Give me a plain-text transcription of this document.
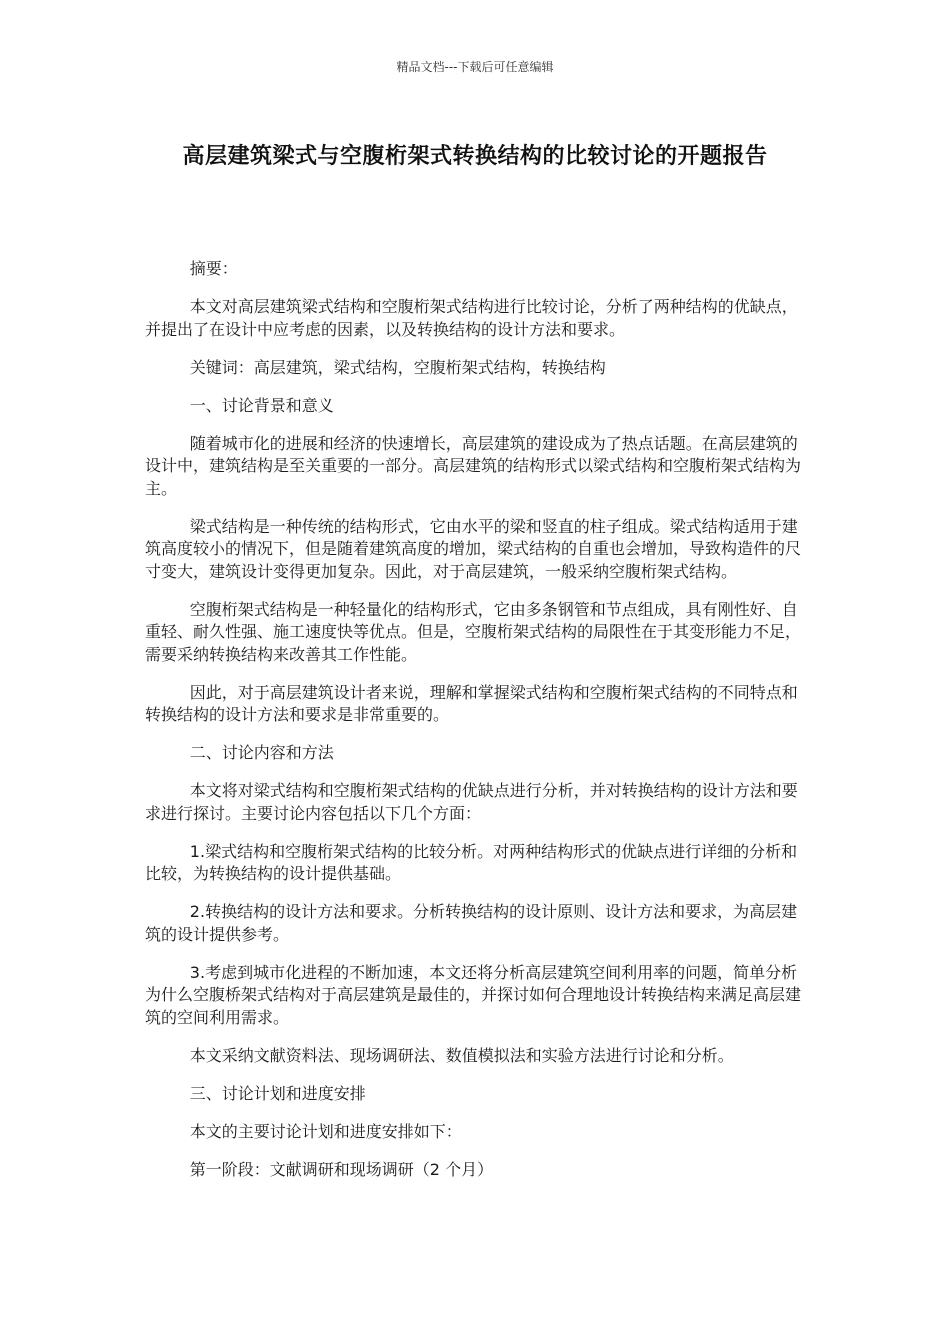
精品文档---下载后可任意编辑
高层建筑梁式与空腹桁架式转换结构的比较讨论的开题报告

摘要：

本文对高层建筑梁式结构和空腹桁架式结构进行比较讨论，分析了两种结构的优缺点，并提出了在设计中应考虑的因素，以及转换结构的设计方法和要求。

关键词：高层建筑，梁式结构，空腹桁架式结构，转换结构

一、讨论背景和意义

随着城市化的进展和经济的快速增长，高层建筑的建设成为了热点话题。在高层建筑的设计中，建筑结构是至关重要的一部分。高层建筑的结构形式以梁式结构和空腹桁架式结构为主。

梁式结构是一种传统的结构形式，它由水平的梁和竖直的柱子组成。梁式结构适用于建筑高度较小的情况下，但是随着建筑高度的增加，梁式结构的自重也会增加，导致构造件的尺寸变大，建筑设计变得更加复杂。因此，对于高层建筑，一般采纳空腹桁架式结构。

空腹桁架式结构是一种轻量化的结构形式，它由多条钢管和节点组成，具有刚性好、自重轻、耐久性强、施工速度快等优点。但是，空腹桁架式结构的局限性在于其变形能力不足，需要采纳转换结构来改善其工作性能。

因此，对于高层建筑设计者来说，理解和掌握梁式结构和空腹桁架式结构的不同特点和转换结构的设计方法和要求是非常重要的。

二、讨论内容和方法

本文将对梁式结构和空腹桁架式结构的优缺点进行分析，并对转换结构的设计方法和要求进行探讨。主要讨论内容包括以下几个方面：

1.梁式结构和空腹桁架式结构的比较分析。对两种结构形式的优缺点进行详细的分析和比较，为转换结构的设计提供基础。

2.转换结构的设计方法和要求。分析转换结构的设计原则、设计方法和要求，为高层建筑的设计提供参考。

3.考虑到城市化进程的不断加速，本文还将分析高层建筑空间利用率的问题，简单分析为什么空腹桥架式结构对于高层建筑是最佳的，并探讨如何合理地设计转换结构来满足高层建筑的空间利用需求。

本文采纳文献资料法、现场调研法、数值模拟法和实验方法进行讨论和分析。

三、讨论计划和进度安排

本文的主要讨论计划和进度安排如下：

第一阶段：文献调研和现场调研（2 个月）
